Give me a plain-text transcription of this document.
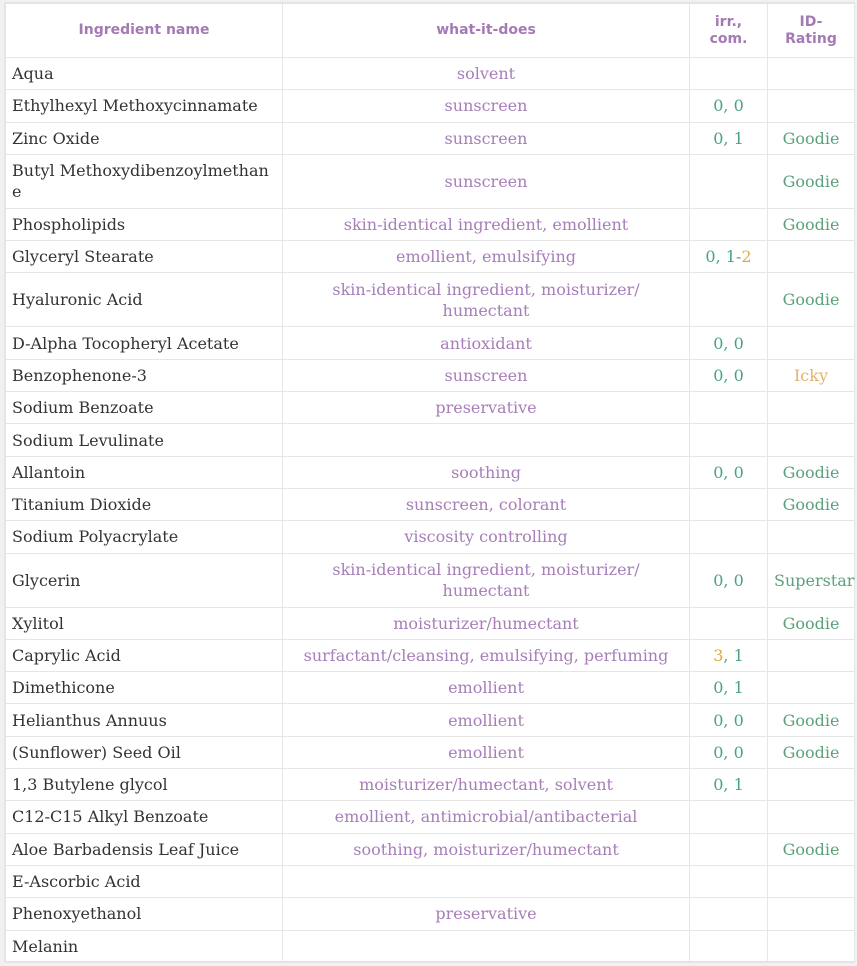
Ingredient name	what-it-does	irr.,
com.	ID-Rating
Aqua	solvent		
Ethylhexyl Methoxycinnamate	sunscreen	0, 0	
Zinc Oxide	sunscreen	0, 1	Goodie
Butyl Methoxydibenzoylmethan
e	sunscreen		Goodie
Phospholipids	skin-identical ingredient, emollient		Goodie
Glyceryl Stearate	emollient, emulsifying	0, 1-2	
Hyaluronic Acid	skin-identical ingredient, moisturizer/ humectant		Goodie
D-Alpha Tocopheryl Acetate	antioxidant	0, 0	
Benzophenone-3	sunscreen	0, 0	Icky
Sodium Benzoate	preservative		
Sodium Levulinate			
Allantoin	soothing	0, 0	Goodie
Titanium Dioxide	sunscreen, colorant		Goodie
Sodium Polyacrylate	viscosity controlling		
Glycerin	skin-identical ingredient, moisturizer/ humectant	0, 0	Superstar
Xylitol	moisturizer/humectant		Goodie
Caprylic Acid	surfactant/cleansing, emulsifying, perfuming	3, 1	
Dimethicone	emollient	0, 1	
Helianthus Annuus	emollient	0, 0	Goodie
(Sunflower) Seed Oil	emollient	0, 0	Goodie
1,3 Butylene glycol	moisturizer/humectant, solvent	0, 1	
C12-C15 Alkyl Benzoate	emollient, antimicrobial/antibacterial		
Aloe Barbadensis Leaf Juice	soothing, moisturizer/humectant		Goodie
E-Ascorbic Acid			
Phenoxyethanol	preservative		
Melanin			
